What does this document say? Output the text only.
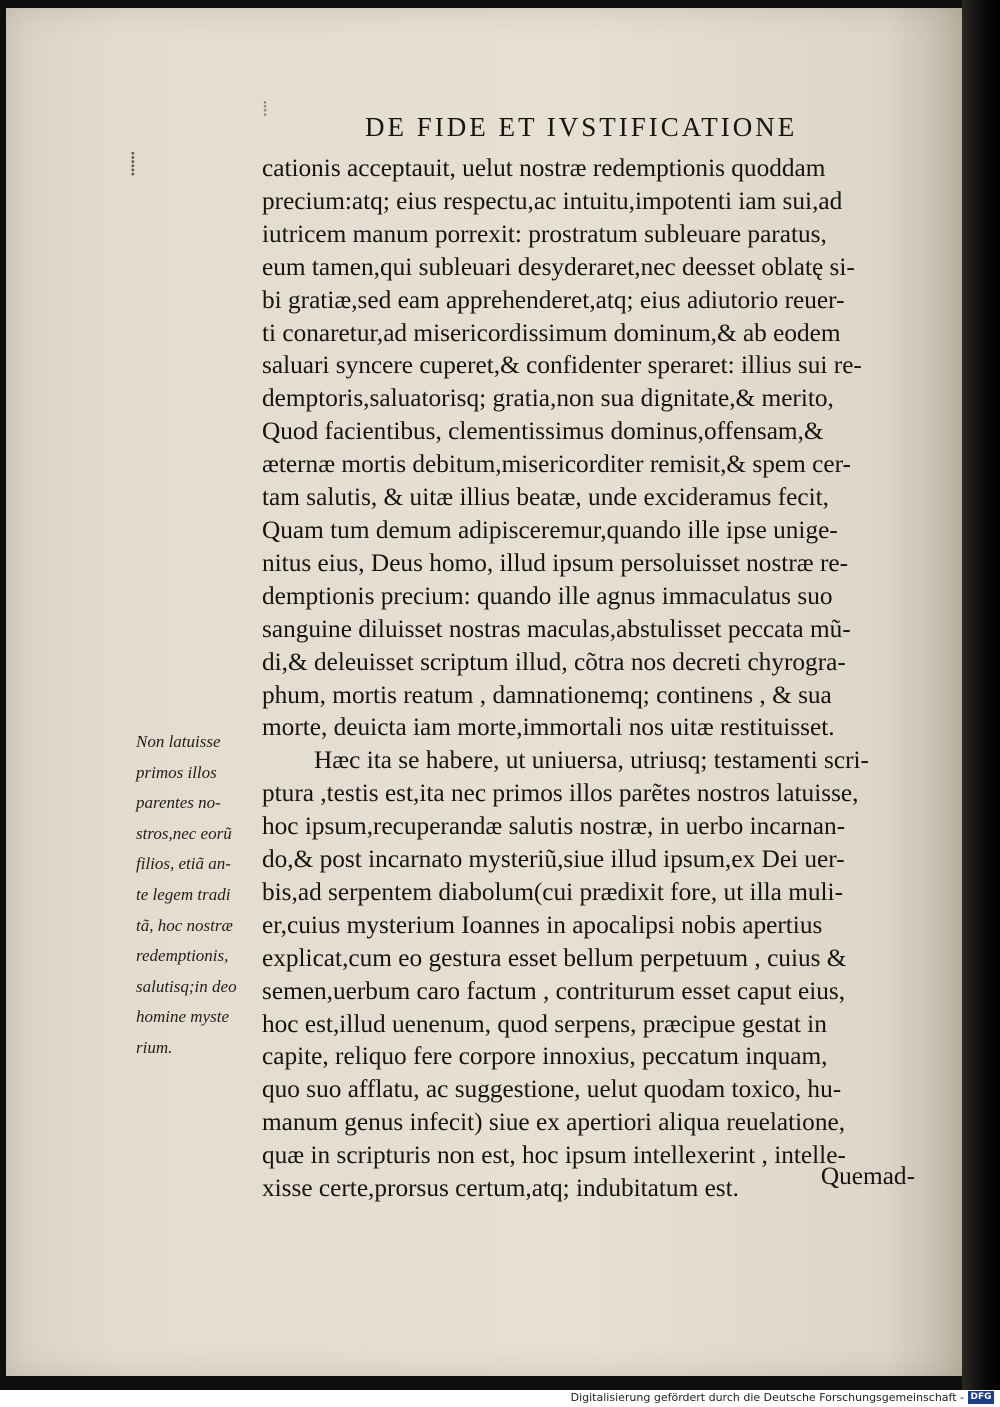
⁞
DE FIDE ET IVSTIFICATIONE
⸽	cationis acceptauit, uelut nostræ redemptionis quoddam
precium:atq; eius respectu,ac intuitu,impotenti iam sui,ad
iutricem manum porrexit: prostratum subleuare paratus,
eum tamen,qui subleuari desyderaret,nec deesset oblatę si-
bi gratiæ,sed eam apprehenderet,atq; eius adiutorio reuer-
ti conaretur,ad misericordissimum dominum,& ab eodem
saluari syncere cuperet,& confidenter speraret: illius sui re-
demptoris,saluatorisq; gratia,non sua dignitate,& merito,
Quod facientibus, clementissimus dominus,offensam,&
æternæ mortis debitum,misericorditer remisit,& spem cer-
tam salutis, & uitæ illius beatæ, unde excideramus fecit,
Quam tum demum adipisceremur,quando ille ipse unige-
nitus eius, Deus homo, illud ipsum persoluisset nostræ re-
demptionis precium: quando ille agnus immaculatus suo
sanguine diluisset nostras maculas,abstulisset peccata mũ-
di,& deleuisset scriptum illud, cõtra nos decreti chyrogra-
phum, mortis reatum , damnationemq; continens , & sua
morte, deuicta iam morte,immortali nos uitæ restituisset.
Hæc ita se habere, ut uniuersa, utriusq; testamenti scri-
ptura ,testis est,ita nec primos illos parẽtes nostros latuisse,
hoc ipsum,recuperandæ salutis nostræ, in uerbo incarnan-
do,& post incarnato mysteriũ,siue illud ipsum,ex Dei uer-
bis,ad serpentem diabolum(cui prædixit fore, ut illa muli-
er,cuius mysterium Ioannes in apocalipsi nobis apertius
explicat,cum eo gestura esset bellum perpetuum , cuius &
semen,uerbum caro factum , contriturum esset caput eius,
hoc est,illud uenenum, quod serpens, præcipue gestat in
capite, reliquo fere corpore innoxius, peccatum inquam,
quo suo afflatu, ac suggestione, uelut quodam toxico, hu-
manum genus infecit) siue ex apertiori aliqua reuelatione,
quæ in scripturis non est, hoc ipsum intellexerint , intelle-
xisse certe,prorsus certum,atq; indubitatum est.	Quemad-
Non latuisse
primos illos
parentes no-
stros,nec eorũ
filios, etiã an-
te legem tradi
tã, hoc nostræ
redemptionis,
salutisq;in deo
homine myste
rium.
Digitalisierung gefördert durch die Deutsche Forschungsgemeinschaft - DFG
